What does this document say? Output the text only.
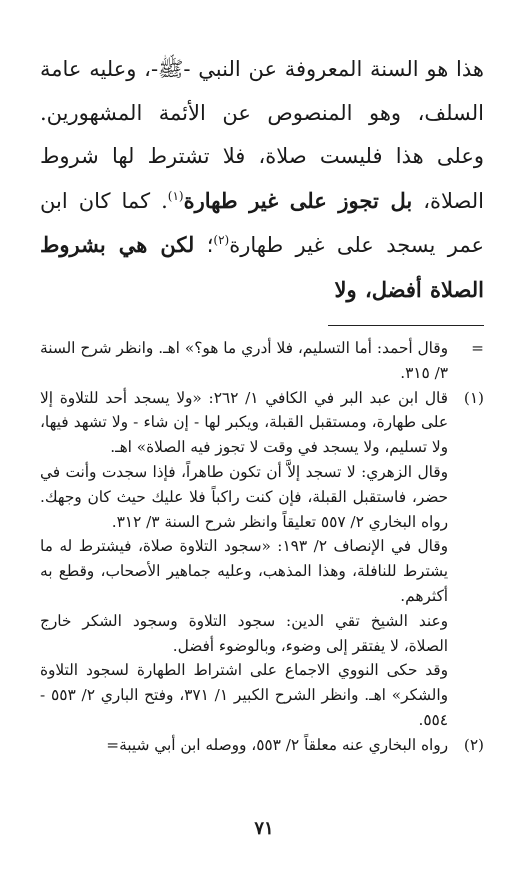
هذا هو السنة المعروفة عن النبي -ﷺ-، وعليه عامة السلف، وهو المنصوص عن الأئمة المشهورين. وعلى هذا فليست صلاة، فلا تشترط لها شروط الصلاة، بل تجوز على غير طهارة$^{(١)}$. كما كان ابن عمر يسجد على غير طهارة$^{(٢)}$؛ لكن هي بشروط الصلاة أفضل، ولا
=

وقال أحمد: أما التسليم، فلا أدري ما هو؟» اهـ. وانظر شرح السنة ٣/ ٣١٥.

(١)

قال ابن عبد البر في الكافي ١/ ٢٦٢: «ولا يسجد أحد للتلاوة إلا على طهارة، ومستقبل القبلة، ويكبر لها - إن شاء - ولا تشهد فيها، ولا تسليم، ولا يسجد في وقت لا تجوز فيه الصلاة» اهـ.

وقال الزهري: لا تسجد إلاَّ أن تكون طاهراً، فإذا سجدت وأنت في حضر، فاستقبل القبلة، فإن كنت راكباً فلا عليك حيث كان وجهك. رواه البخاري ٢/ ٥٥٧ تعليقاً وانظر شرح السنة ٣/ ٣١٢.

وقال في الإنصاف ٢/ ١٩٣: «سجود التلاوة صلاة، فيشترط له ما يشترط للنافلة، وهذا المذهب، وعليه جماهير الأصحاب، وقطع به أكثرهم.

وعند الشيخ تقي الدين: سجود التلاوة وسجود الشكر خارج الصلاة، لا يفتقر إلى وضوء، وبالوضوء أفضل.

وقد حكى النووي الاجماع على اشتراط الطهارة لسجود التلاوة والشكر» اهـ. وانظر الشرح الكبير ١/ ٣٧١، وفتح الباري ٢/ ٥٥٣ - ٥٥٤.

(٢)

رواه البخاري عنه معلقاً ٢/ ٥٥٣، ووصله ابن أبي شيبة=

٧١
